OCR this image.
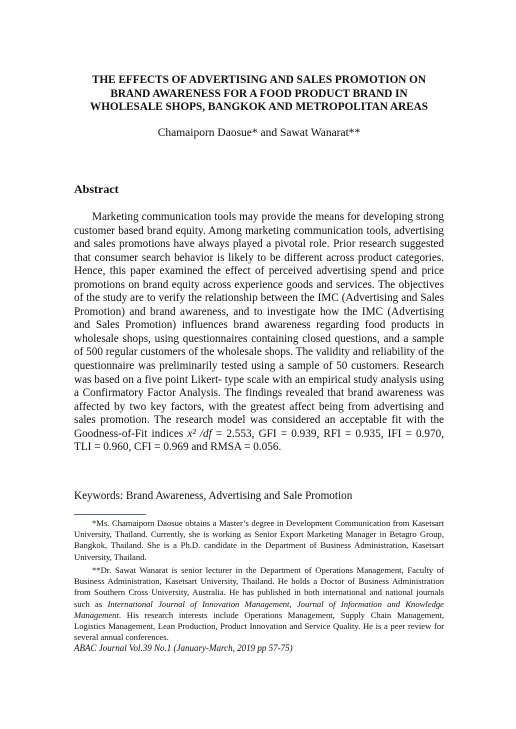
THE EFFECTS OF ADVERTISING AND SALES PROMOTION ON
BRAND AWARENESS FOR A FOOD PRODUCT BRAND IN
WHOLESALE SHOPS, BANGKOK AND METROPOLITAN AREAS
Chamaiporn Daosue* and Sawat Wanarat**
Abstract

Marketing communication tools may provide the means for developing strong customer based brand equity. Among marketing communication tools, advertising and sales promotions have always played a pivotal role. Prior research suggested that consumer search behavior is likely to be different across product categories. Hence, this paper examined the effect of perceived advertising spend and price promotions on brand equity across experience goods and services. The objectives of the study are to verify the relationship between the IMC (Advertising and Sales Promotion) and brand awareness, and to investigate how the IMC (Advertising and Sales Promotion) influences brand awareness regarding food products in wholesale shops, using questionnaires containing closed questions, and a sample of 500 regular customers of the wholesale shops. The validity and reliability of the questionnaire was preliminarily tested using a sample of 50 customers. Research was based on a five point Likert- type scale with an empirical study analysis using a Confirmatory Factor Analysis. The findings revealed that brand awareness was affected by two key factors, with the greatest affect being from advertising and sales promotion. The research model was considered an acceptable fit with the Goodness-of-Fit indices x² /df = 2.553, GFI = 0.939, RFI = 0.935, IFI = 0.970, TLI = 0.960, CFI = 0.969 and RMSA = 0.056.

Keywords: Brand Awareness, Advertising and Sale Promotion

*Ms. Chamaiporn Daosue obtains a Master’s degree in Development Communication from Kasetsart University, Thailand. Currently, she is working as Senior Export Marketing Manager in Betagro Group, Bangkok, Thailand. She is a Ph.D. candidate in the Department of Business Administration, Kasetsart University, Thailand.

**Dr. Sawat Wanarat is senior lecturer in the Department of Operations Management, Faculty of Business Administration, Kasetsart University, Thailand. He holds a Doctor of Business Administration from Southern Cross University, Australia. He has published in both international and national journals such as International Journal of Innovation Management, Journal of Information and Knowledge Management. His research interests include Operations Management, Supply Chain Management, Logistics Management, Lean Production, Product Innovation and Service Quality. He is a peer review for several annual conferences.

ABAC Journal Vol.39 No.1 (January-March, 2019 pp 57-75)
